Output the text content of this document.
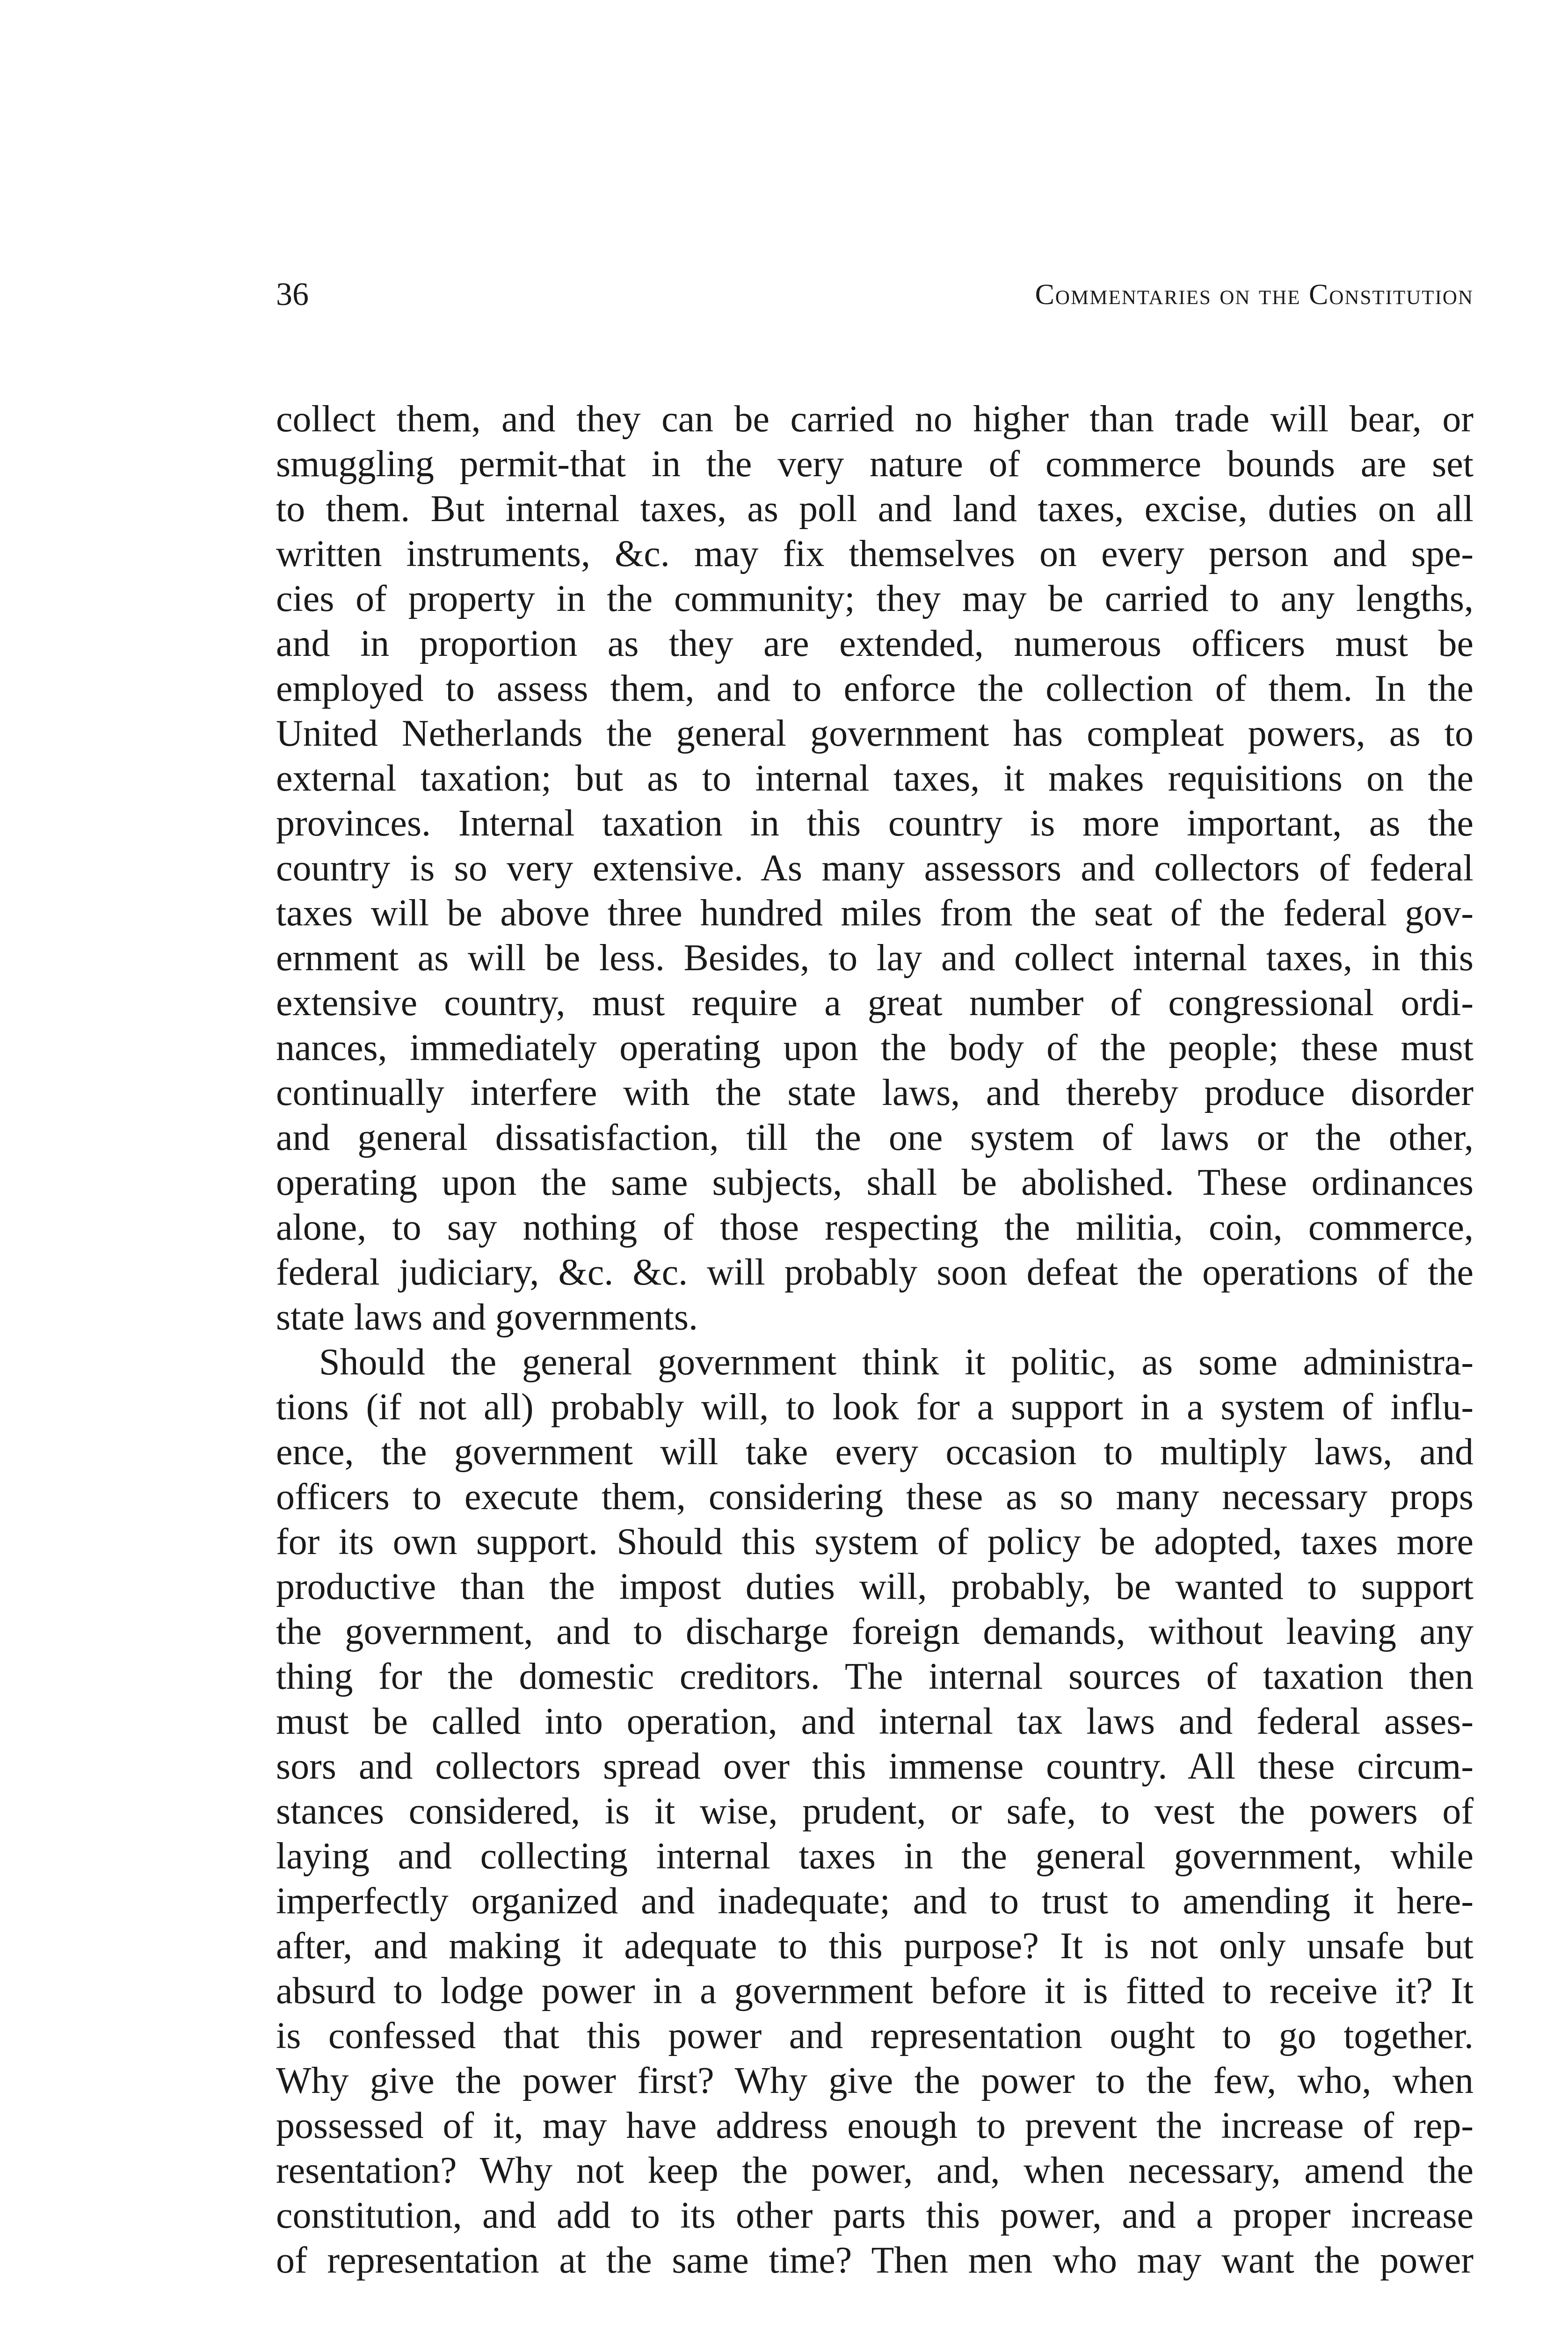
36	Commentaries on the Constitution
collect them, and they can be carried no higher than trade will bear, or
smuggling permit-that in the very nature of commerce bounds are set
to them. But internal taxes, as poll and land taxes, excise, duties on all
written instruments, &c. may fix themselves on every person and spe-
cies of property in the community; they may be carried to any lengths,
and in proportion as they are extended, numerous officers must be
employed to assess them, and to enforce the collection of them. In the
United Netherlands the general government has compleat powers, as to
external taxation; but as to internal taxes, it makes requisitions on the
provinces. Internal taxation in this country is more important, as the
country is so very extensive. As many assessors and collectors of federal
taxes will be above three hundred miles from the seat of the federal gov-
ernment as will be less. Besides, to lay and collect internal taxes, in this
extensive country, must require a great number of congressional ordi-
nances, immediately operating upon the body of the people; these must
continually interfere with the state laws, and thereby produce disorder
and general dissatisfaction, till the one system of laws or the other,
operating upon the same subjects, shall be abolished. These ordinances
alone, to say nothing of those respecting the militia, coin, commerce,
federal judiciary, &c. &c. will probably soon defeat the operations of the
state laws and governments.
Should the general government think it politic, as some administra-
tions (if not all) probably will, to look for a support in a system of influ-
ence, the government will take every occasion to multiply laws, and
officers to execute them, considering these as so many necessary props
for its own support. Should this system of policy be adopted, taxes more
productive than the impost duties will, probably, be wanted to support
the government, and to discharge foreign demands, without leaving any
thing for the domestic creditors. The internal sources of taxation then
must be called into operation, and internal tax laws and federal asses-
sors and collectors spread over this immense country. All these circum-
stances considered, is it wise, prudent, or safe, to vest the powers of
laying and collecting internal taxes in the general government, while
imperfectly organized and inadequate; and to trust to amending it here-
after, and making it adequate to this purpose? It is not only unsafe but
absurd to lodge power in a government before it is fitted to receive it? It
is confessed that this power and representation ought to go together.
Why give the power first? Why give the power to the few, who, when
possessed of it, may have address enough to prevent the increase of rep-
resentation? Why not keep the power, and, when necessary, amend the
constitution, and add to its other parts this power, and a proper increase
of representation at the same time? Then men who may want the power
